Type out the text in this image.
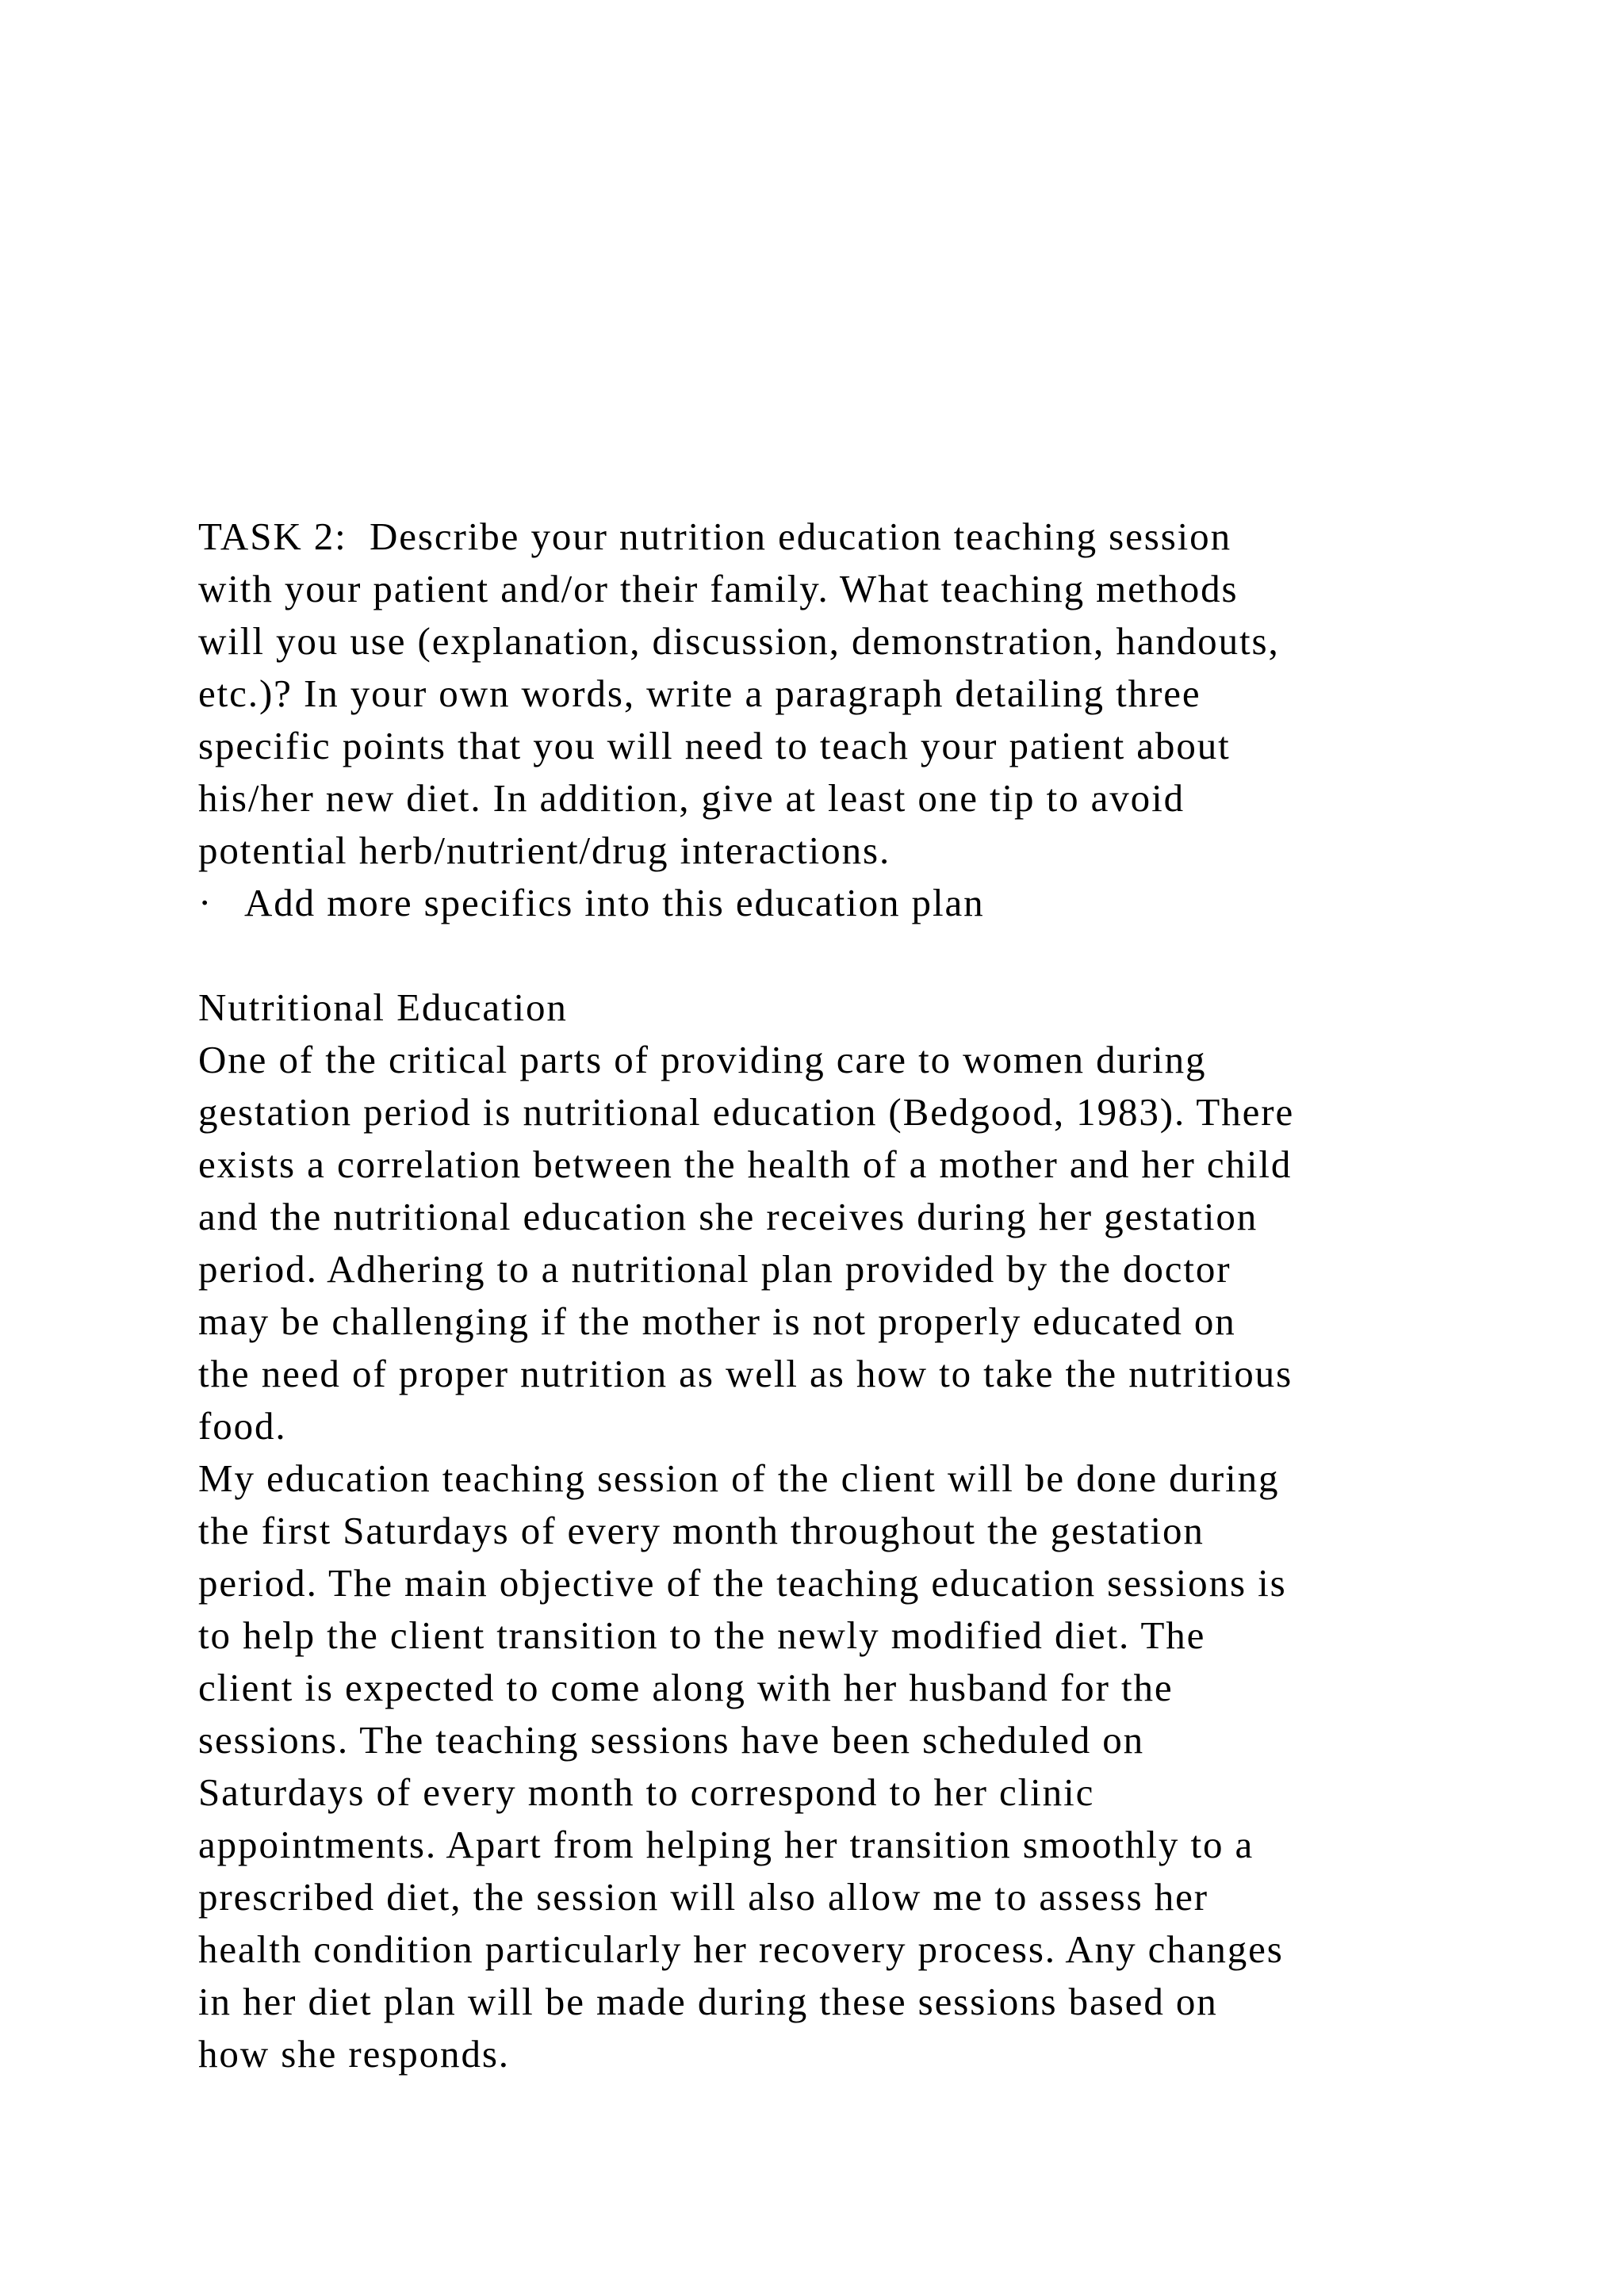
TASK 2:  Describe your nutrition education teaching session
with your patient and/or their family. What teaching methods
will you use (explanation, discussion, demonstration, handouts,
etc.)? In your own words, write a paragraph detailing three
specific points that you will need to teach your patient about
his/her new diet. In addition, give at least one tip to avoid
potential herb/nutrient/drug interactions.
·   Add more specifics into this education plan
Nutritional Education
One of the critical parts of providing care to women during
gestation period is nutritional education (Bedgood, 1983). There
exists a correlation between the health of a mother and her child
and the nutritional education she receives during her gestation
period. Adhering to a nutritional plan provided by the doctor
may be challenging if the mother is not properly educated on
the need of proper nutrition as well as how to take the nutritious
food.
My education teaching session of the client will be done during
the first Saturdays of every month throughout the gestation
period. The main objective of the teaching education sessions is
to help the client transition to the newly modified diet. The
client is expected to come along with her husband for the
sessions. The teaching sessions have been scheduled on
Saturdays of every month to correspond to her clinic
appointments. Apart from helping her transition smoothly to a
prescribed diet, the session will also allow me to assess her
health condition particularly her recovery process. Any changes
in her diet plan will be made during these sessions based on
how she responds.
